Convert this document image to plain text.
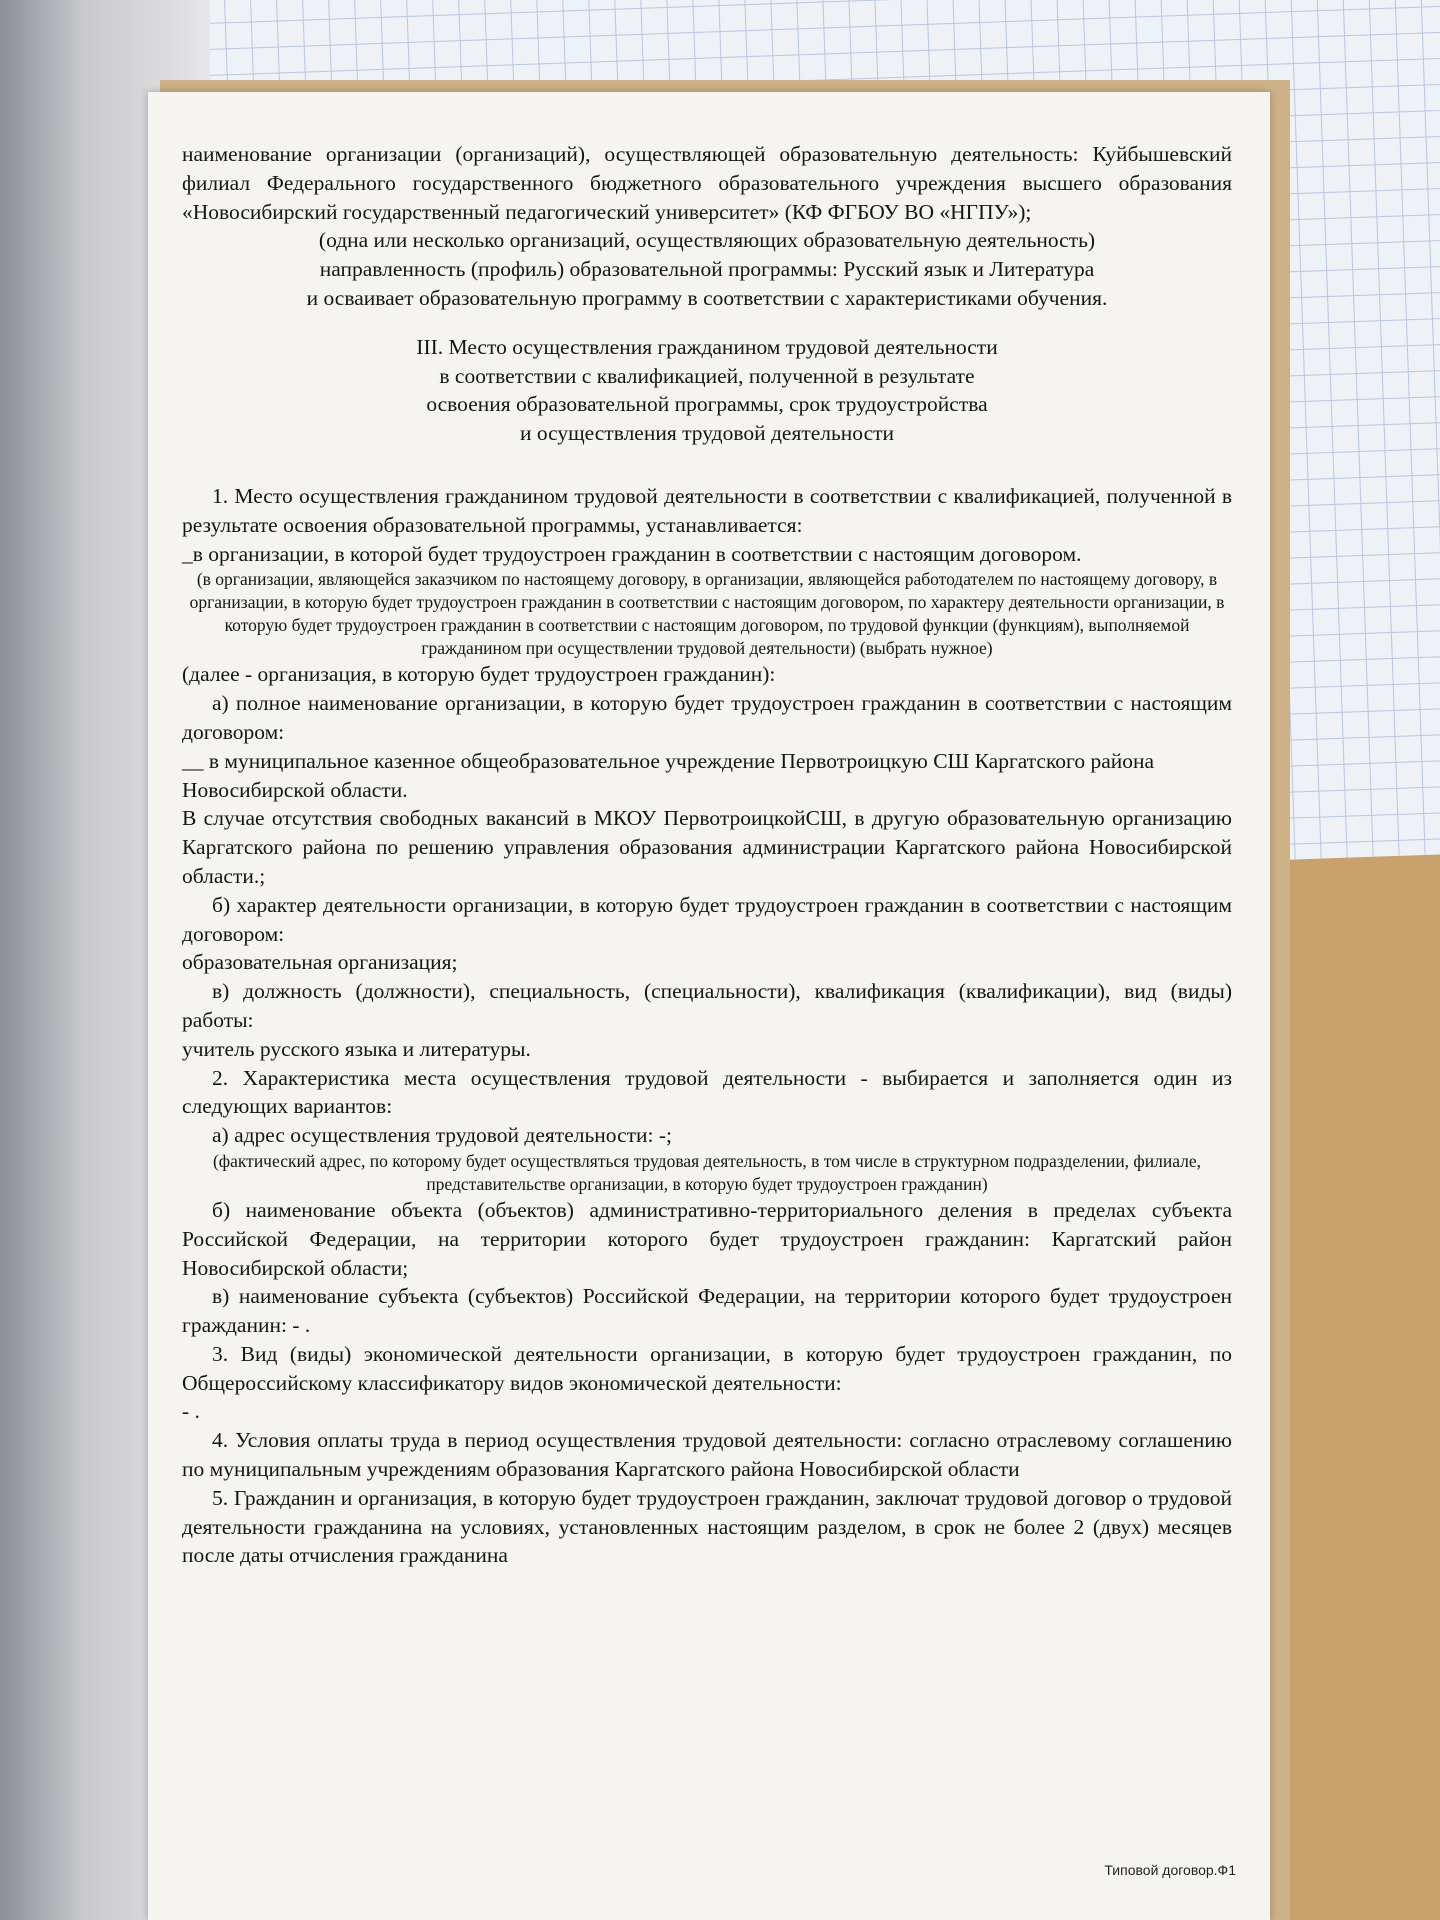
наименование организации (организаций), осуществляющей образовательную деятельность: Куйбышевский филиал Федерального государственного бюджетного образовательного учреждения высшего образования «Новосибирский государственный педагогический университет» (КФ ФГБОУ ВО «НГПУ»);

(одна или несколько организаций, осуществляющих образовательную деятельность)

направленность (профиль) образовательной программы: Русский язык и Литература

и осваивает образовательную программу в соответствии с характеристиками обучения.

III. Место осуществления гражданином трудовой деятельности

в соответствии с квалификацией, полученной в результате

освоения образовательной программы, срок трудоустройства

и осуществления трудовой деятельности

1. Место осуществления гражданином трудовой деятельности в соответствии с квалификацией, полученной в результате освоения образовательной программы, устанавливается:

_в организации, в которой будет трудоустроен гражданин в соответствии с настоящим договором.

(в организации, являющейся заказчиком по настоящему договору, в организации, являющейся работодателем по настоящему договору, в организации, в которую будет трудоустроен гражданин в соответствии с настоящим договором, по характеру деятельности организации, в которую будет трудоустроен гражданин в соответствии с настоящим договором, по трудовой функции (функциям), выполняемой гражданином при осуществлении трудовой деятельности) (выбрать нужное)

(далее - организация, в которую будет трудоустроен гражданин):

а) полное наименование организации, в которую будет трудоустроен гражданин в соответствии с настоящим договором:

__ в муниципальное казенное общеобразовательное учреждение Первотроицкую СШ Каргатского района Новосибирской области.

В случае отсутствия свободных вакансий в МКОУ ПервотроицкойСШ, в другую образовательную организацию Каргатского района по решению управления образования администрации Каргатского района Новосибирской области.;

б) характер деятельности организации, в которую будет трудоустроен гражданин в соответствии с настоящим договором:

образовательная организация;

в) должность (должности), специальность, (специальности), квалификация (квалификации), вид (виды) работы:

учитель русского языка и литературы.

2. Характеристика места осуществления трудовой деятельности - выбирается и заполняется один из следующих вариантов:

а) адрес осуществления трудовой деятельности: -;

(фактический адрес, по которому будет осуществляться трудовая деятельность, в том числе в структурном подразделении, филиале, представительстве организации, в которую будет трудоустроен гражданин)

б) наименование объекта (объектов) административно-территориального деления в пределах субъекта Российской Федерации, на территории которого будет трудоустроен гражданин: Каргатский район Новосибирской области;

в) наименование субъекта (субъектов) Российской Федерации, на территории которого будет трудоустроен гражданин: - .

3. Вид (виды) экономической деятельности организации, в которую будет трудоустроен гражданин, по Общероссийскому классификатору видов экономической деятельности:

- .

4. Условия оплаты труда в период осуществления трудовой деятельности: согласно отраслевому соглашению по муниципальным учреждениям образования Каргатского района Новосибирской области

5. Гражданин и организация, в которую будет трудоустроен гражданин, заключат трудовой договор о трудовой деятельности гражданина на условиях, установленных настоящим разделом, в срок не более 2 (двух) месяцев после даты отчисления гражданина

Типовой договор.Ф1
